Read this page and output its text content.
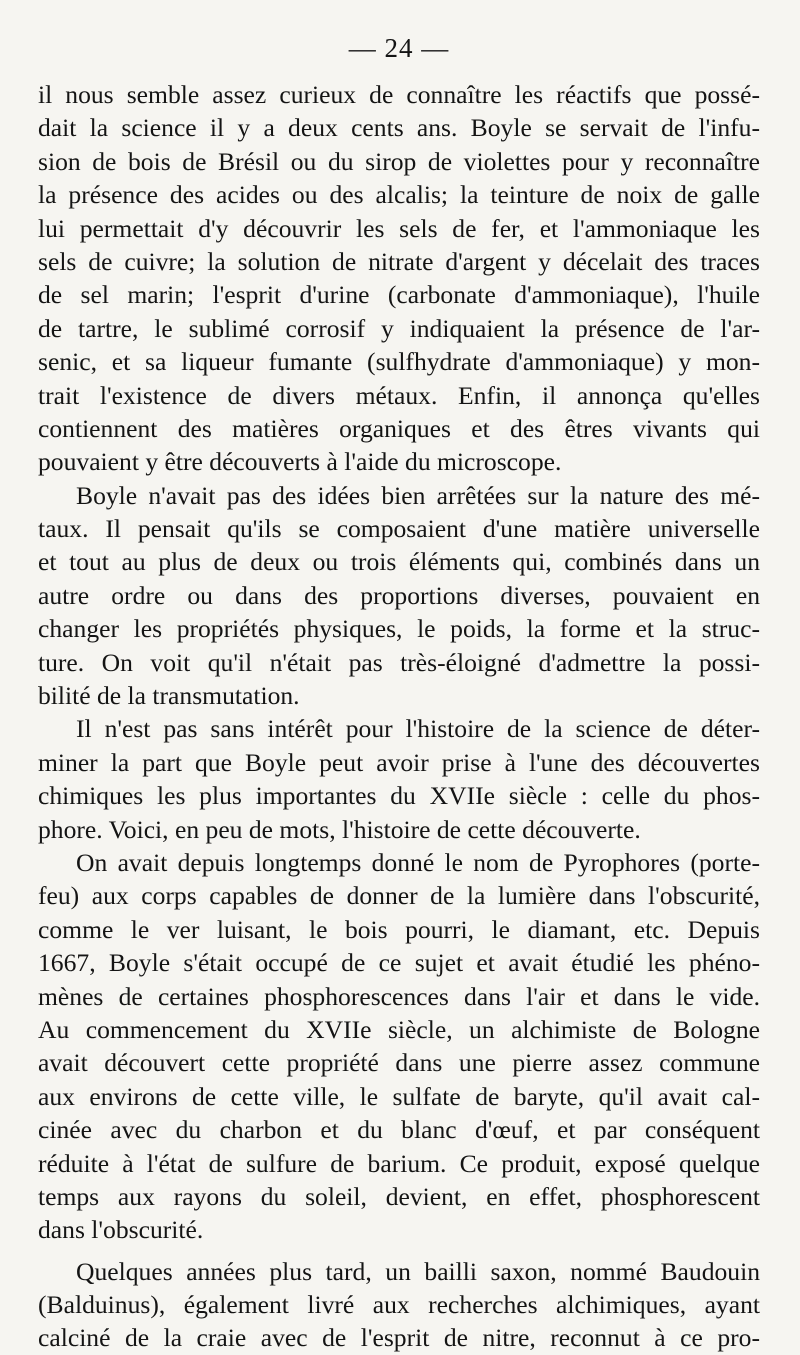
— 24 —
il nous semble assez curieux de connaître les réactifs que possé-
dait la science il y a deux cents ans. Boyle se servait de l'infu-
sion de bois de Brésil ou du sirop de violettes pour y reconnaître
la présence des acides ou des alcalis; la teinture de noix de galle
lui permettait d'y découvrir les sels de fer, et l'ammoniaque les
sels de cuivre; la solution de nitrate d'argent y décelait des traces
de sel marin; l'esprit d'urine (carbonate d'ammoniaque), l'huile
de tartre, le sublimé corrosif y indiquaient la présence de l'ar-
senic, et sa liqueur fumante (sulfhydrate d'ammoniaque) y mon-
trait l'existence de divers métaux. Enfin, il annonça qu'elles
contiennent des matières organiques et des êtres vivants qui
pouvaient y être découverts à l'aide du microscope.
Boyle n'avait pas des idées bien arrêtées sur la nature des mé-
taux. Il pensait qu'ils se composaient d'une matière universelle
et tout au plus de deux ou trois éléments qui, combinés dans un
autre ordre ou dans des proportions diverses, pouvaient en
changer les propriétés physiques, le poids, la forme et la struc-
ture. On voit qu'il n'était pas très-éloigné d'admettre la possi-
bilité de la transmutation.
Il n'est pas sans intérêt pour l'histoire de la science de déter-
miner la part que Boyle peut avoir prise à l'une des découvertes
chimiques les plus importantes du XVIIe siècle : celle du phos-
phore. Voici, en peu de mots, l'histoire de cette découverte.
On avait depuis longtemps donné le nom de Pyrophores (porte-
feu) aux corps capables de donner de la lumière dans l'obscurité,
comme le ver luisant, le bois pourri, le diamant, etc. Depuis
1667, Boyle s'était occupé de ce sujet et avait étudié les phéno-
mènes de certaines phosphorescences dans l'air et dans le vide.
Au commencement du XVIIe siècle, un alchimiste de Bologne
avait découvert cette propriété dans une pierre assez commune
aux environs de cette ville, le sulfate de baryte, qu'il avait cal-
cinée avec du charbon et du blanc d'œuf, et par conséquent
réduite à l'état de sulfure de barium. Ce produit, exposé quelque
temps aux rayons du soleil, devient, en effet, phosphorescent
dans l'obscurité.
Quelques années plus tard, un bailli saxon, nommé Baudouin
(Balduinus), également livré aux recherches alchimiques, ayant
calciné de la craie avec de l'esprit de nitre, reconnut à ce pro-
